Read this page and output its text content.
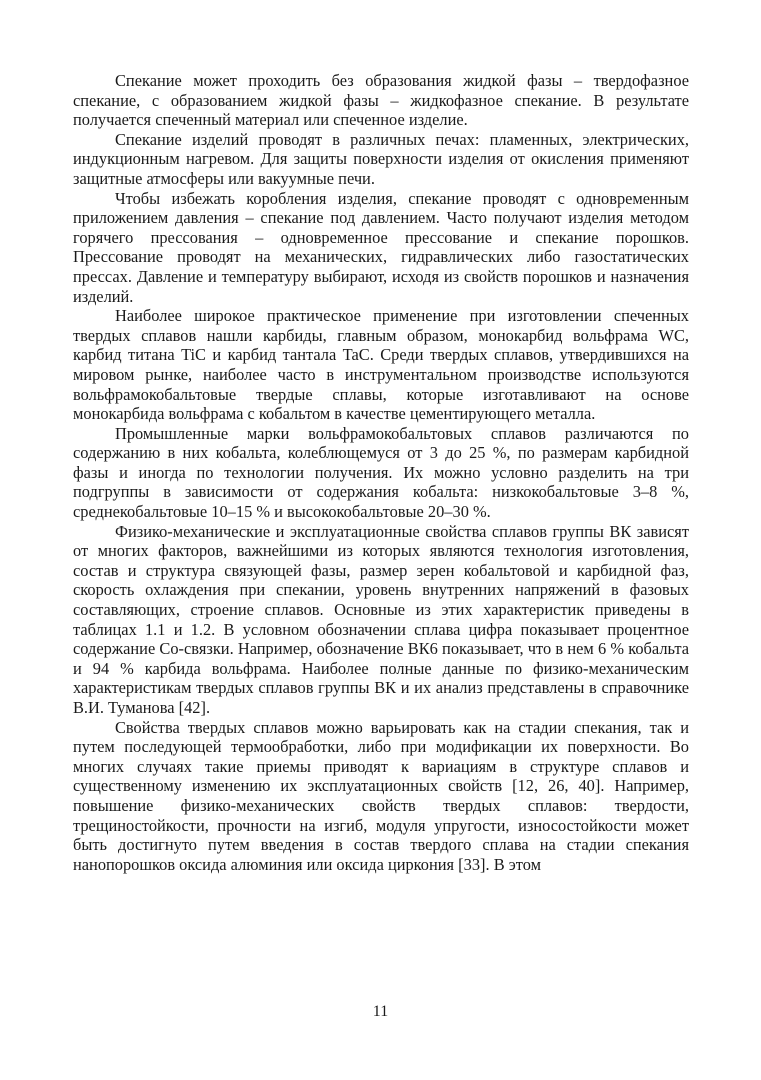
Спекание может проходить без образования жидкой фазы – твердофазное спекание, с образованием жидкой фазы – жидкофазное спекание. В результате получается спеченный материал или спеченное изделие.

Спекание изделий проводят в различных печах: пламенных, электрических, индукционным нагревом. Для защиты поверхности изделия от окисления применяют защитные атмосферы или вакуумные печи.

Чтобы избежать коробления изделия, спекание проводят с одновременным приложением давления – спекание под давлением. Часто получают изделия методом горячего прессования – одновременное прессование и спекание порошков. Прессование проводят на механических, гидравлических либо газостатических прессах. Давление и температуру выбирают, исходя из свойств порошков и назначения изделий.

Наиболее широкое практическое применение при изготовлении спеченных твердых сплавов нашли карбиды, главным образом, монокарбид вольфрама WC, карбид титана TiC и карбид тантала TaC. Среди твердых сплавов, утвердившихся на мировом рынке, наиболее часто в инструментальном производстве используются вольфрамокобальтовые твердые сплавы, которые изготавливают на основе монокарбида вольфрама с кобальтом в качестве цементирующего металла.

Промышленные марки вольфрамокобальтовых сплавов различаются по содержанию в них кобальта, колеблющемуся от 3 до 25 %, по размерам карбидной фазы и иногда по технологии получения. Их можно условно разделить на три подгруппы в зависимости от содержания кобальта: низкокобальтовые 3–8 %, среднекобальтовые 10–15 % и высококобальтовые 20–30 %.

Физико-механические и эксплуатационные свойства сплавов группы ВК зависят от многих факторов, важнейшими из которых являются технология изготовления, состав и структура связующей фазы, размер зерен кобальтовой и карбидной фаз, скорость охлаждения при спекании, уровень внутренних напряжений в фазовых составляющих, строение сплавов. Основные из этих характеристик приведены в таблицах 1.1 и 1.2. В условном обозначении сплава цифра показывает процентное содержание Co-связки. Например, обозначение ВК6 показывает, что в нем 6 % кобальта и 94 % карбида вольфрама. Наиболее полные данные по физико-механическим характеристикам твердых сплавов группы ВК и их анализ представлены в справочнике В.И. Туманова [42].

Свойства твердых сплавов можно варьировать как на стадии спекания, так и путем последующей термообработки, либо при модификации их поверхности. Во многих случаях такие приемы приводят к вариациям в структуре сплавов и существенному изменению их эксплуатационных свойств [12, 26, 40]. Например, повышение физико-механических свойств твердых сплавов: твердости, трещиностойкости, прочности на изгиб, модуля упругости, износостойкости может быть достигнуто путем введения в состав твердого сплава на стадии спекания нанопорошков оксида алюминия или оксида циркония [33]. В этом

11
